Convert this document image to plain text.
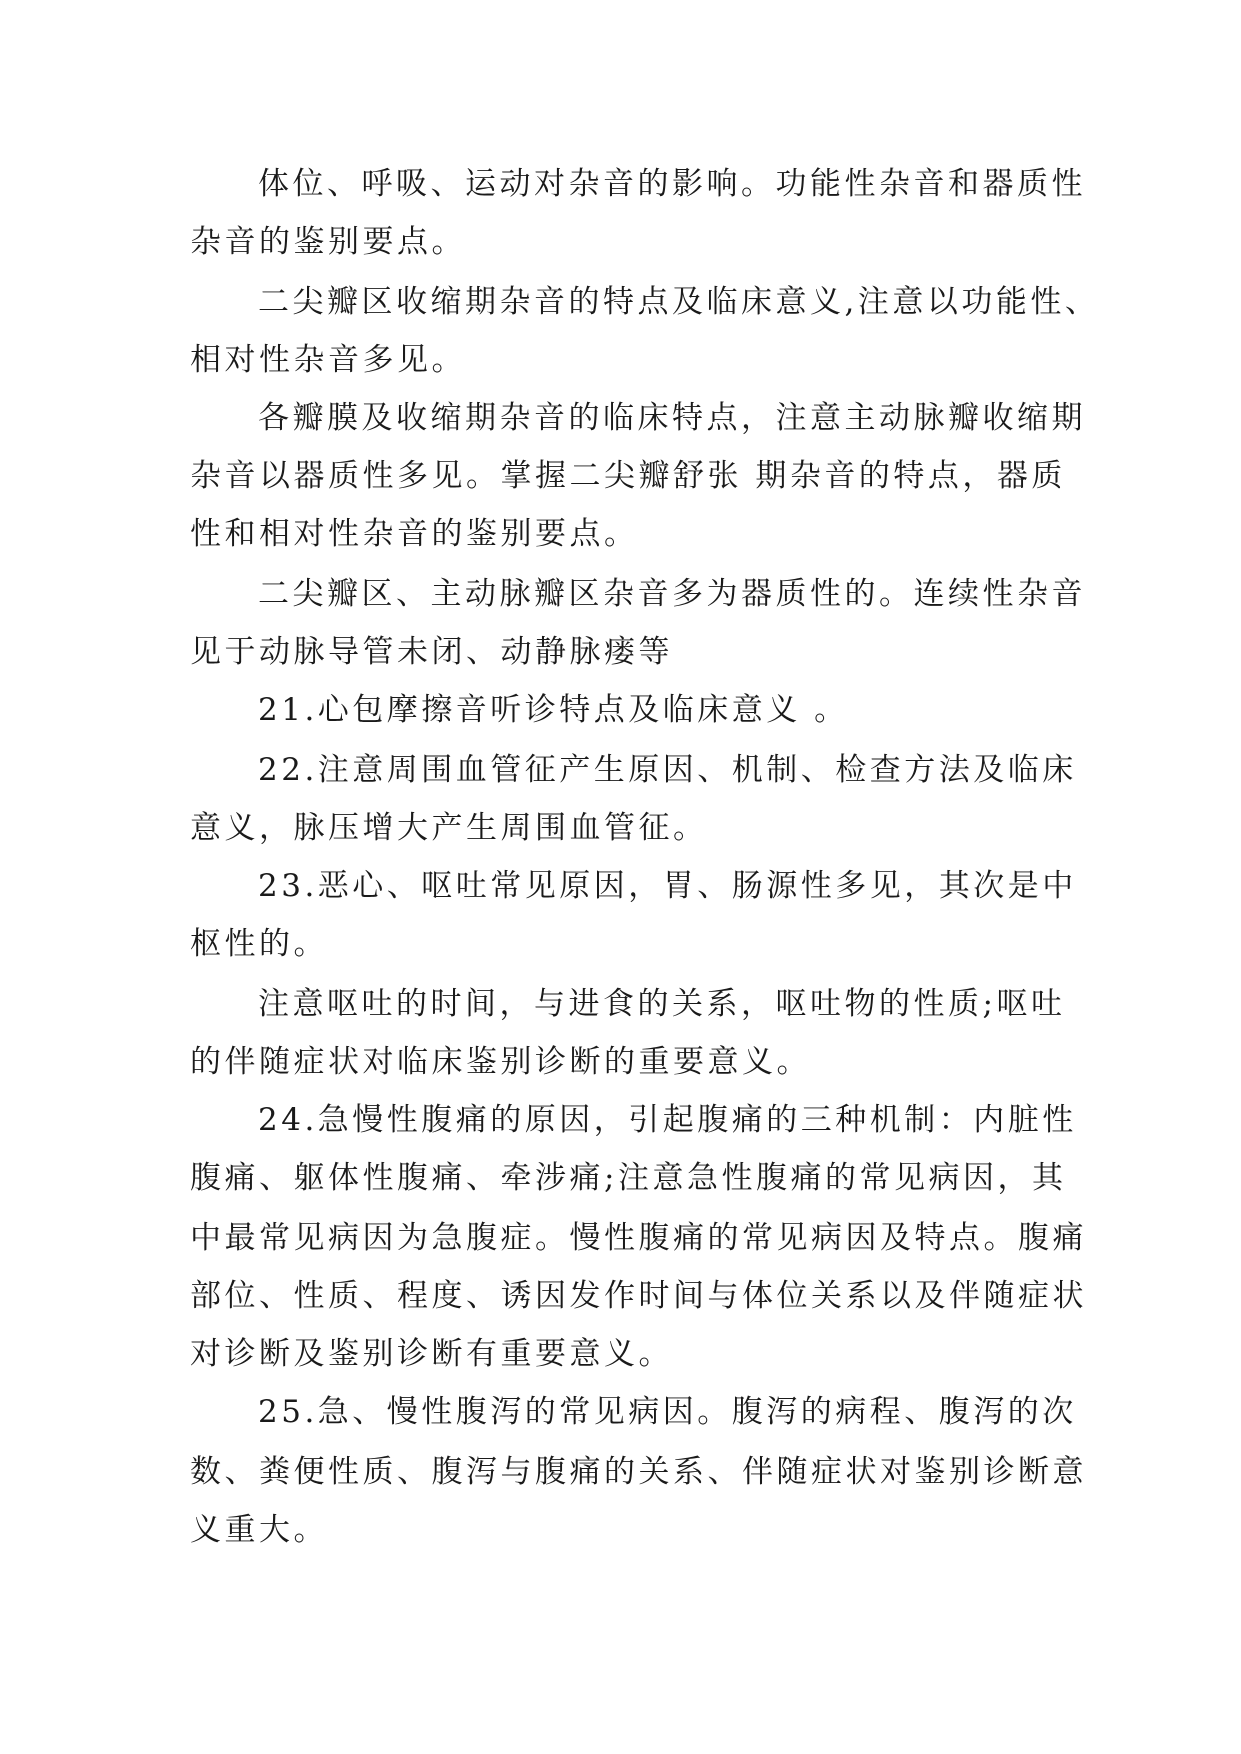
体位、呼吸、运动对杂音的影响。功能性杂音和器质性
杂音的鉴别要点。
二尖瓣区收缩期杂音的特点及临床意义,注意以功能性、
相对性杂音多见。
各瓣膜及收缩期杂音的临床特点，注意主动脉瓣收缩期
杂音以器质性多见。掌握二尖瓣舒张 期杂音的特点，器质
性和相对性杂音的鉴别要点。
二尖瓣区、主动脉瓣区杂音多为器质性的。连续性杂音
见于动脉导管未闭、动静脉瘘等
21.心包摩擦音听诊特点及临床意义 。
22.注意周围血管征产生原因、机制、检查方法及临床
意义，脉压增大产生周围血管征。
23.恶心、呕吐常见原因，胃、肠源性多见，其次是中
枢性的。
注意呕吐的时间，与进食的关系，呕吐物的性质;呕吐
的伴随症状对临床鉴别诊断的重要意义。
24.急慢性腹痛的原因，引起腹痛的三种机制：内脏性
腹痛、躯体性腹痛、牵涉痛;注意急性腹痛的常见病因，其
中最常见病因为急腹症。慢性腹痛的常见病因及特点。腹痛
部位、性质、程度、诱因发作时间与体位关系以及伴随症状
对诊断及鉴别诊断有重要意义。
25.急、慢性腹泻的常见病因。腹泻的病程、腹泻的次
数、粪便性质、腹泻与腹痛的关系、伴随症状对鉴别诊断意
义重大。
